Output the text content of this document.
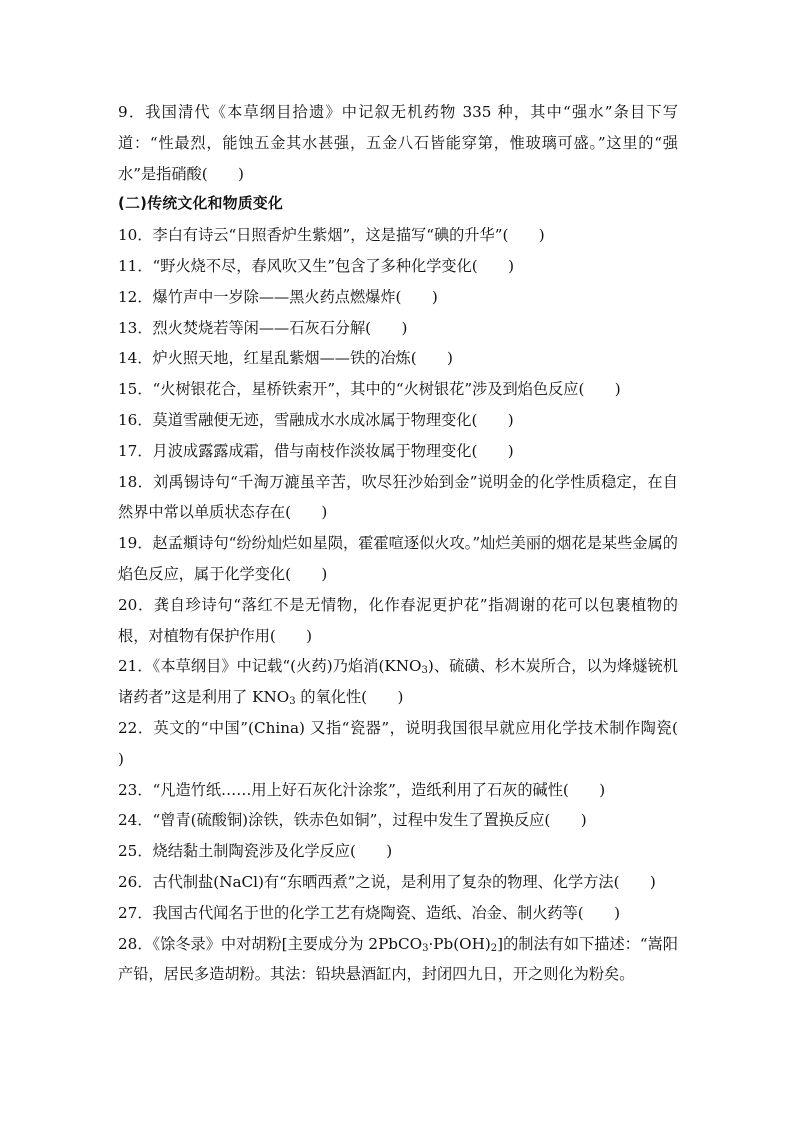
9．我国清代《本草纲目拾遗》中记叙无机药物 335 种，其中“强水”条目下写道：“性最烈，能蚀五金其水甚强，五金八石皆能穿第，惟玻璃可盛。”这里的“强水”是指硝酸(　　)

(二)传统文化和物质变化

10．李白有诗云“日照香炉生紫烟”，这是描写“碘的升华”(　　)

11．“野火烧不尽，春风吹又生”包含了多种化学变化(　　)

12．爆竹声中一岁除——黑火药点燃爆炸(　　)

13．烈火焚烧若等闲——石灰石分解(　　)

14．炉火照天地，红星乱紫烟——铁的冶炼(　　)

15．“火树银花合，星桥铁索开”，其中的“火树银花”涉及到焰色反应(　　)

16．莫道雪融便无迹，雪融成水水成冰属于物理变化(　　)

17．月波成露露成霜，借与南枝作淡妆属于物理变化(　　)

18．刘禹锡诗句“千淘万漉虽辛苦，吹尽狂沙始到金”说明金的化学性质稳定，在自然界中常以单质状态存在(　　)

19．赵孟頫诗句“纷纷灿烂如星陨，霍霍喧逐似火攻。”灿烂美丽的烟花是某些金属的焰色反应，属于化学变化(　　)

20．龚自珍诗句“落红不是无情物，化作春泥更护花”指凋谢的花可以包裹植物的根，对植物有保护作用(　　)

21．《本草纲目》中记载“(火药)乃焰消$(KNO_3)$、硫磺、杉木炭所合，以为烽燧铳机诸药者”这是利用了 $KNO_3$ 的氧化性(　　)

22．英文的“中国”(China) 又指“瓷器”，说明我国很早就应用化学技术制作陶瓷(　　)

23．“凡造竹纸……用上好石灰化汁涂浆”，造纸利用了石灰的碱性(　　)

24．“曾青(硫酸铜)涂铁，铁赤色如铜”，过程中发生了置换反应(　　)

25．烧结黏土制陶瓷涉及化学反应(　　)

26．古代制盐(NaCl)有“东晒西煮”之说，是利用了复杂的物理、化学方法(　　)

27．我国古代闻名于世的化学工艺有烧陶瓷、造纸、冶金、制火药等(　　)

28．《馀冬录》中对胡粉[主要成分为 $2PbCO_3\cdot Pb(OH)_2$]的制法有如下描述：“嵩阳产铅，居民多造胡粉。其法：铅块悬酒缸内，封闭四九日，开之则化为粉矣。
